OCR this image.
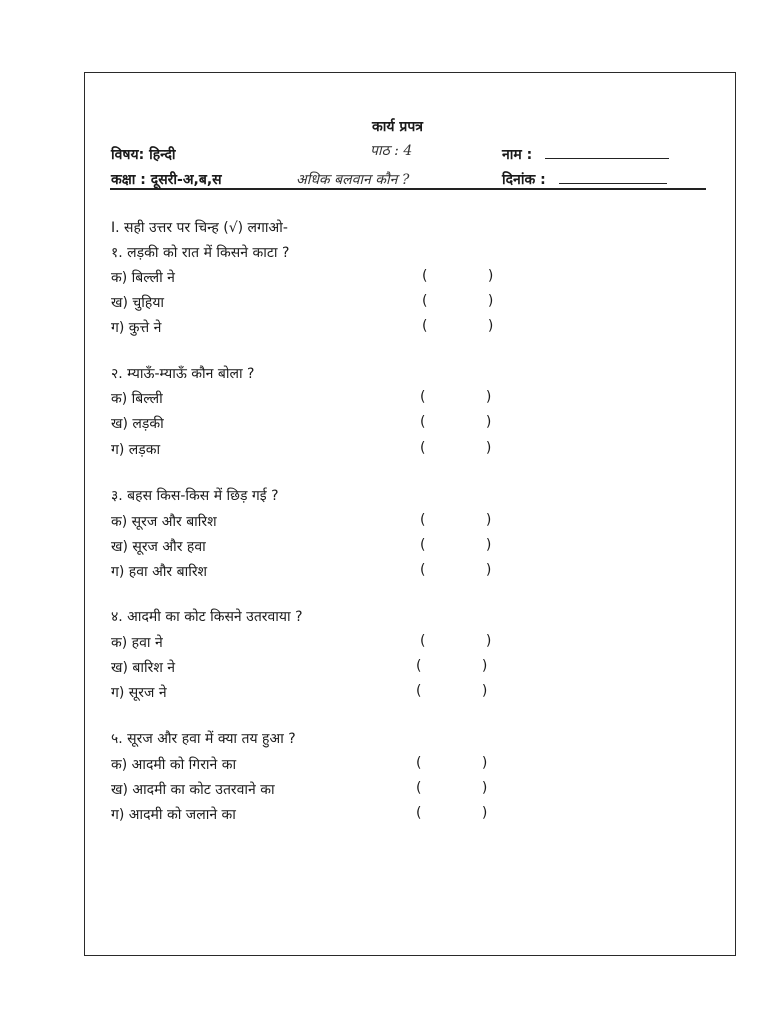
कार्य प्रपत्र
पाठ : 4
विषय: हिन्दी	नाम :
कक्षा : दूसरी-अ,ब,स	अधिक बलवान कौन ?	दिनांक :
I. सही उत्तर पर चिन्ह (√) लगाओ-
१. लड़की को रात में किसने काटा ?
क) बिल्ली ने	( )
ख) चुहिया	( )
ग) कुत्ते ने	( )
२. म्याऊँ-म्याऊँ कौन बोला ?
क) बिल्ली	( )
ख) लड़की	( )
ग) लड़का	( )
३. बहस किस-किस में छिड़ गई ?
क) सूरज और बारिश	( )
ख) सूरज और हवा	( )
ग) हवा और बारिश	( )
४. आदमी का कोट किसने उतरवाया ?
क) हवा ने	( )
ख) बारिश ने	( )
ग) सूरज ने	( )
५. सूरज और हवा में क्या तय हुआ ?
क) आदमी को गिराने का	( )
ख) आदमी का कोट उतरवाने का	( )
ग) आदमी को जलाने का	( )
